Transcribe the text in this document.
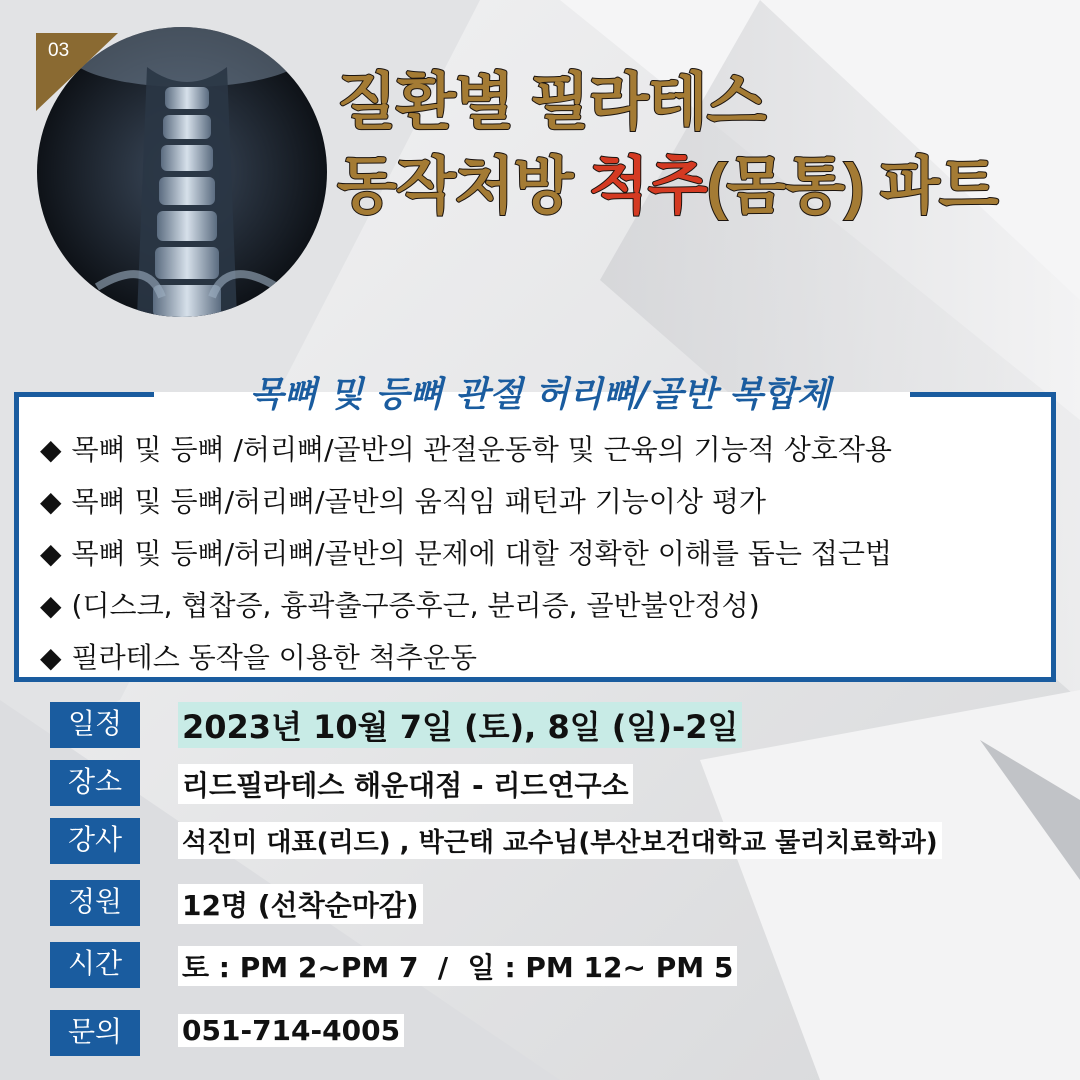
03
질환별 필라테스
동작처방 척추(몸통) 파트
목뼈 및 등뼈 관절 허리뼈/골반 복합체
◆ 목뼈 및 등뼈 /허리뼈/골반의 관절운동학 및 근육의 기능적 상호작용
◆ 목뼈 및 등뼈/허리뼈/골반의 움직임 패턴과 기능이상 평가
◆ 목뼈 및 등뼈/허리뼈/골반의 문제에 대할 정확한 이해를 돕는 접근법
◆ (디스크, 협찹증, 흉곽출구증후근, 분리증, 골반불안정성)
◆ 필라테스 동작을 이용한 척추운동
일정	2023년 10월 7일 (토), 8일 (일)-2일
장소	리드필라테스 해운대점 - 리드연구소
강사	석진미 대표(리드) , 박근태 교수님(부산보건대학교 물리치료학과)
정원	12명 (선착순마감)
시간	토 : PM 2~PM 7  /  일 : PM 12~ PM 5
문의	051-714-4005
